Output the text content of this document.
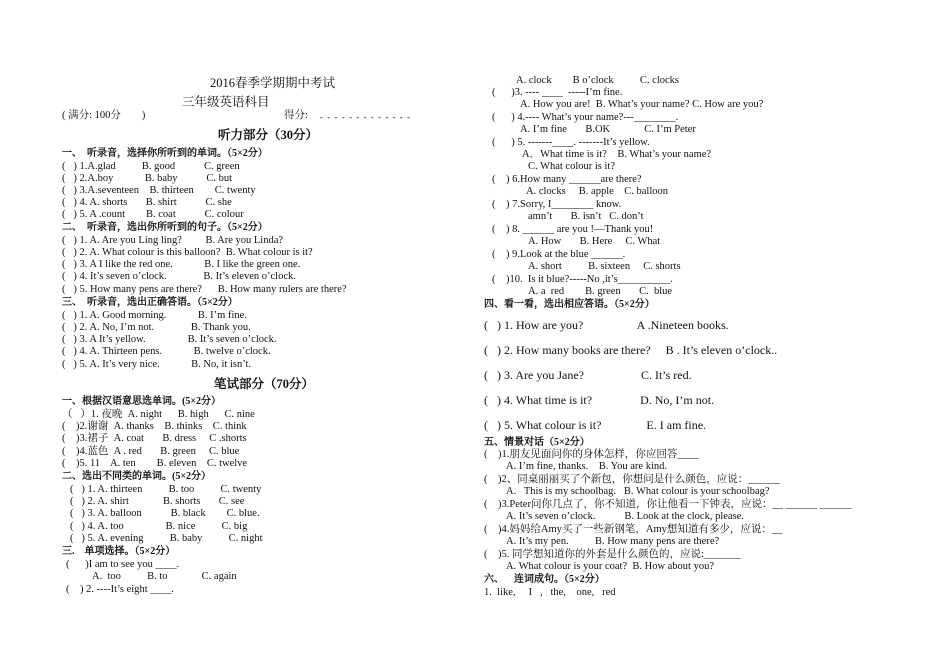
2016春季学期期中考试
三年级英语科目
( 满分: 100分        )	得分: - - - - - - - - - - - - -
听力部分（30分）
一、  听录音，选择你所听到的单词。（5×2分）
(   ) 1.A.glad          B. good           C. green
(   ) 2.A.boy            B. baby           C. but
(   ) 3.A.seventeen    B. thirteen        C. twenty
(   ) 4. A. shorts       B. shirt           C. she
(   ) 5. A .count        B. coat           C. colour
二、  听录音，选出你所听到的句子。（5×2分）
(   ) 1. A. Are you Ling ling?         B. Are you Linda?
(   ) 2. A. What colour is this balloon?  B. What colour is it?
(   ) 3. A I like the red one.            B. I like the green one.
(   ) 4. It’s seven o’clock.              B. It’s eleven o’clock.
(   ) 5. How many pens are there?      B. How many rulers are there?
三、  听录音，选出正确答语。（5×2分）
(   ) 1. A. Good morning.            B. I’m fine.
(   ) 2. A. No, I’m not.              B. Thank you.
(   ) 3. A It’s yellow.                B. It’s seven o’clock.
(   ) 4. A. Thirteen pens.            B. twelve o’clock.
(   ) 5. A. It’s very nice.            B. No, it isn’t.
笔试部分（70分）
一、根据汉语意思选单词。(5×2分）
（   ）1. 夜晚  A. night      B. high      C. nine
(    )2.谢谢  A. thanks    B. thinks    C. think
(    )3.裙子  A. coat       B. dress     C .shorts
(    )4.蓝色  A . red       B. green     C. blue
(    )5. 11    A. ten        B. eleven    C. twelve
二、选出不同类的单词。(5×2分）
(   ) 1. A. thirteen          B. too          C. twenty
(   ) 2. A. shirt             B. shorts       C. see
(   ) 3. A. balloon           B. black        C. blue.
(   ) 4. A. too                B. nice          C. big
(   ) 5. A. evening          B. baby          C. night
三.    单项选择。（5×2分）
(      )I am to see you ____.
A.  too          B. to             C. again
(    ) 2. ----It’s eight ____.
A. clock        B o’clock          C. clocks
(      )3. ---- ____  -----I’m fine.
A. How you are!  B. What’s your name? C. How are you?
(      ) 4.---- What’s your name?---________.
A. I’m fine       B.OK             C. I’m Peter
(      ) 5. -------____. -------It’s yellow.
A．What time is it?    B. What’s your name?
C. What colour is it?
(    ) 6.How many ______are there?
A. clocks     B. apple    C. balloon
(    ) 7.Sorry, I________ know.
amn’t       B. isn’t   C. don’t
(    ) 8. ______ are you !—Thank you!
A. How       B. Here     C. What
(    ) 9.Look at the blue ______.
A. short          B. sixteen     C. shorts
(    )10.  Is it blue?-----No ,it’s__________.
A. a  red        B. green       C.  blue
四、看一看，选出相应答语。（5×2分）
(   ) 1. How are you?                  A .Nineteen books.
(   ) 2. How many books are there?     B . It’s eleven o’clock..
(   ) 3. Are you Jane?                   C. It’s red.
(   ) 4. What time is it?                D. No, I’m not.
(   ) 5. What colour is it?               E. I am fine.
五、情景对话（5×2分）
(    )1.朋友见面问你的身体怎样，你应回答____
A. I’m fine, thanks.    B. You are kind.
(    )2、同桌丽丽买了个新包，你想问是什么颜色，应说：______
A.   This is my schoolbag.   B. What colour is your schoolbag?
(    )3.Peter问你几点了，你不知道，你让他看一下钟表，应说：__ ______ ______
A. It’s seven o’clock.           B. Look at the clock, please.
(    )4.妈妈给Amy买了一些新钢笔，Amy想知道有多少，应说：__
A. It’s my pen.          B. How many pens are there?
(    )5. 同学想知道你的外套是什么颜色的，应说:_______
A. What colour is your coat?  B. How about you?
六、    连词成句。（5×2分）
1.  like,     I   ,   the,    one,   red
